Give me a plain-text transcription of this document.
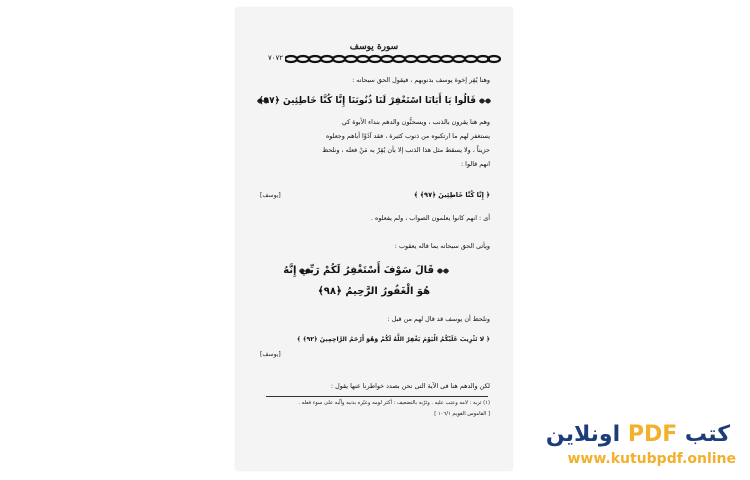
سورة يوسف
٧٠٧٢
وهنا يُقِر إخوة يوسف بذنوبهم ، فيقول الحق سبحانه :
قَالُوا يَا أَبَانَا اسْتَغْفِرْ لَنَا ذُنُوبَنَا إِنَّا كُنَّا خَاطِئِينَ ﴿٩٧﴾
وهم هنا يقرون بالذنب ، ويسحنُّون والدهم بنداء الأبوة كي
يستغفر لهم ما ارتكبوه من ذنوب كثيرة ، فقد آذَوْا أباهم وجعلوه
حزيناً ، ولا يسقط مثل هذا الذنب إلا بأن يُقِرّ به مَنْ فعله ، ونلحظ
انهم قالوا :
﴿ إِنَّا كُنَّا خَاطِئِينَ ﴿٩٧﴾ ﴾
[يوسف]
أى : انهم كانوا يعلمون الصواب ، ولم يفعلوه .
ويأتى الحق سبحانه بما قاله يعقوب :
قَالَ سَوْفَ أَسْتَغْفِرُ لَكُمْ رَبِّي إِنَّهُ
هُوَ الْغَفُورُ الرَّحِيمُ ﴿٩٨﴾
ونلحظ أن يوسف قد قال لهم من قبل :
﴿ لا تَثْرِيبَ عَلَيْكُمُ الْيَوْمَ يَغْفِرُ اللَّهُ لَكُمْ وَهُوَ أَرْحَمُ الرَّاحِمِينَ ﴿٩٢﴾ ﴾
[يوسف]
لكن والدهم هنا فى الآية التى نحن بصدد خواطرنا عنها يقول :
(١) ثربه : لامه وعتب عليه . وثرّبه بالتضعيف : أكثر لومه وعيّره بذنبه وأثّبه على سوء فعله .
[ القاموس القويم ١٠٦/١ ]
كتب PDF اونلاين
www.kutubpdf.online
